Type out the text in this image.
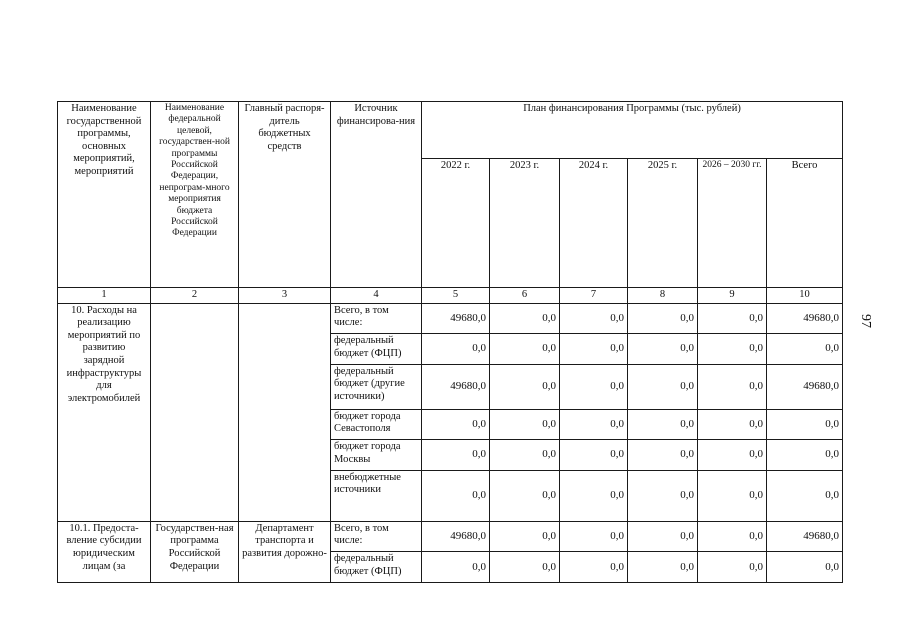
97
Наименование государственной программы, основных мероприятий, мероприятий	Наименование федеральной целевой, государствен-ной программы Российской Федерации, непрограм-много мероприятия бюджета Российской Федерации	Главный распоря-дитель бюджетных средств	Источник финансирова-ния	План финансирования Программы (тыс. рублей)					
				2022 г.	2023 г.	2024 г.	2025 г.	2026 – 2030 гг.	Всего
1	2	3	4	5	6	7	8	9	10
10. Расходы на реализацию мероприятий по развитию зарядной инфраструктуры для электромобилей			Всего, в том числе:	49680,0	0,0	0,0	0,0	0,0	49680,0
			федеральный бюджет (ФЦП)	0,0	0,0	0,0	0,0	0,0	0,0
			федеральный бюджет (другие источники)	49680,0	0,0	0,0	0,0	0,0	49680,0
			бюджет города Севастополя	0,0	0,0	0,0	0,0	0,0	0,0
			бюджет города Москвы	0,0	0,0	0,0	0,0	0,0	0,0
			внебюджетные источники	0,0	0,0	0,0	0,0	0,0	0,0
10.1. Предоста-вление субсидии юридическим лицам (за	Государствен-ная программа Российской Федерации	Департамент транспорта и развития дорожно-	Всего, в том числе:	49680,0	0,0	0,0	0,0	0,0	49680,0
			федеральный бюджет (ФЦП)	0,0	0,0	0,0	0,0	0,0	0,0
